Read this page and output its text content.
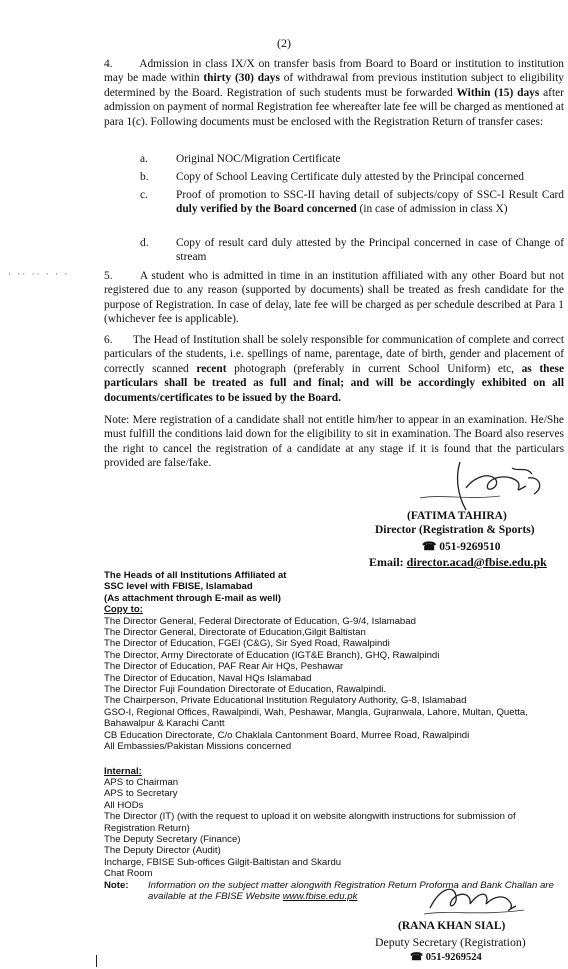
(2)
· ·· ·· · · ·
4. Admission in class IX/X on transfer basis from Board to Board or institution to institution may be made within thirty (30) days of withdrawal from previous institution subject to eligibility determined by the Board. Registration of such students must be forwarded Within (15) days after admission on payment of normal Registration fee whereafter late fee will be charged as mentioned at para 1(c). Following documents must be enclosed with the Registration Return of transfer cases:
a. Original NOC/Migration Certificate
b. Copy of School Leaving Certificate duly attested by the Principal concerned
c. Proof of promotion to SSC-II having detail of subjects/copy of SSC-I Result Card duly verified by the Board concerned (in case of admission in class X)
d. Copy of result card duly attested by the Principal concerned in case of Change of stream
5. A student who is admitted in time in an institution affiliated with any other Board but not registered due to any reason (supported by documents) shall be treated as fresh candidate for the purpose of Registration. In case of delay, late fee will be charged as per schedule described at Para 1 (whichever fee is applicable).
6. The Head of Institution shall be solely responsible for communication of complete and correct particulars of the students, i.e. spellings of name, parentage, date of birth, gender and placement of correctly scanned recent photograph (preferably in current School Uniform) etc, as these particulars shall be treated as full and final; and will be accordingly exhibited on all documents/certificates to be issued by the Board.
Note: Mere registration of a candidate shall not entitle him/her to appear in an examination. He/She must fulfill the conditions laid down for the eligibility to sit in examination. The Board also reserves the right to cancel the registration of a candidate at any stage if it is found that the particulars provided are false/fake.
(FATIMA TAHIRA)
Director (Registration & Sports)
☎ 051-9269510
Email: director.acad@fbise.edu.pk
The Heads of all Institutions Affiliated at
SSC level with FBISE, Islamabad
(As attachment through E-mail as well)
Copy to:
The Director General, Federal Directorate of Education, G-9/4, Islamabad
The Director General, Directorate of Education,Gilgit Baltistan
The Director of Education, FGEI (C&G), Sir Syed Road, Rawalpindi
The Director, Army Directorate of Education (IGT&E Branch), GHQ, Rawalpindi
The Director of Education, PAF Rear Air HQs, Peshawar
The Director of Education, Naval HQs Islamabad
The Director Fuji Foundation Directorate of Education, Rawalpindi.
The Chairperson, Private Educational Institution Regulatory Authority, G-8, Islamabad
GSO-I, Regional Offices, Rawalpindi, Wah, Peshawar, Mangla, Gujranwala, Lahore, Multan, Quetta, Bahawalpur & Karachi Cantt
CB Education Directorate, C/o Chaklala Cantonment Board, Murree Road, Rawalpindi
All Embassies/Pakistan Missions concerned
Internal:
APS to Chairman
APS to Secretary
All HODs
The Director (IT) (with the request to upload it on website alongwith instructions for submission of Registration Return)
The Deputy Secretary (Finance)
The Deputy Director (Audit)
Incharge, FBISE Sub-offices Gilgit-Baltistan and Skardu
Chat Room
Note: Information on the subject matter alongwith Registration Return Proforma and Bank Challan are available at the FBISE Website www.fbise.edu.pk
(RANA KHAN SIAL)
Deputy Secretary (Registration)
☎ 051-9269524
